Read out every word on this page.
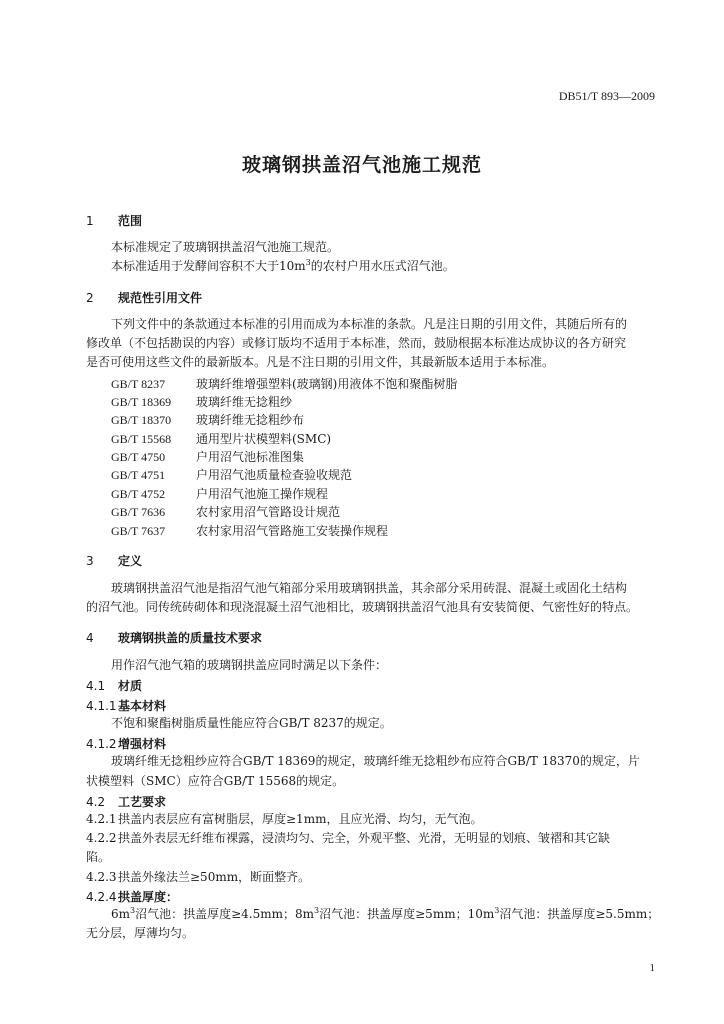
DB51/T 893—2009
玻璃钢拱盖沼气池施工规范
1 范围
本标准规定了玻璃钢拱盖沼气池施工规范。
本标准适用于发酵间容积不大于$10m^3$的农村户用水压式沼气池。
2 规范性引用文件
下列文件中的条款通过本标准的引用而成为本标准的条款。凡是注日期的引用文件，其随后所有的
修改单（不包括勘误的内容）或修订版均不适用于本标准，然而，鼓励根据本标准达成协议的各方研究
是否可使用这些文件的最新版本。凡是不注日期的引用文件，其最新版本适用于本标准。
GB/T 8237	玻璃纤维增强塑料(玻璃钢)用液体不饱和聚酯树脂
GB/T 18369 玻璃纤维无捻粗纱
GB/T 18370 玻璃纤维无捻粗纱布
GB/T 15568 通用型片状模塑料(SMC)
GB/T 4750	户用沼气池标准图集
GB/T 4751	户用沼气池质量检查验收规范
GB/T 4752	户用沼气池施工操作规程
GB/T 7636	农村家用沼气管路设计规范
GB/T 7637	农村家用沼气管路施工安装操作规程
3 定义
玻璃钢拱盖沼气池是指沼气池气箱部分采用玻璃钢拱盖，其余部分采用砖混、混凝土或固化土结构
的沼气池。同传统砖砌体和现浇混凝土沼气池相比，玻璃钢拱盖沼气池具有安装简便、气密性好的特点。
4 玻璃钢拱盖的质量技术要求
用作沼气池气箱的玻璃钢拱盖应同时满足以下条件：
4.1 材质
4.1.1基本材料
不饱和聚酯树脂质量性能应符合GB/T 8237的规定。
4.1.2增强材料
玻璃纤维无捻粗纱应符合GB/T 18369的规定，玻璃纤维无捻粗纱布应符合GB/T 18370的规定，片
状模塑料（SMC）应符合GB/T 15568的规定。
4.2 工艺要求
4.2.1拱盖内表层应有富树脂层，厚度≥1mm，且应光滑、均匀，无气泡。
4.2.2拱盖外表层无纤维布裸露，浸渍均匀、完全，外观平整、光滑，无明显的划痕、皱褶和其它缺
陷。
4.2.3拱盖外缘法兰≥50mm，断面整齐。
4.2.4拱盖厚度：
$6m^3$沼气池：拱盖厚度≥4.5mm；$8m^3$沼气池：拱盖厚度≥5mm；$10m^3$沼气池：拱盖厚度≥5.5mm；
无分层，厚薄均匀。
1
